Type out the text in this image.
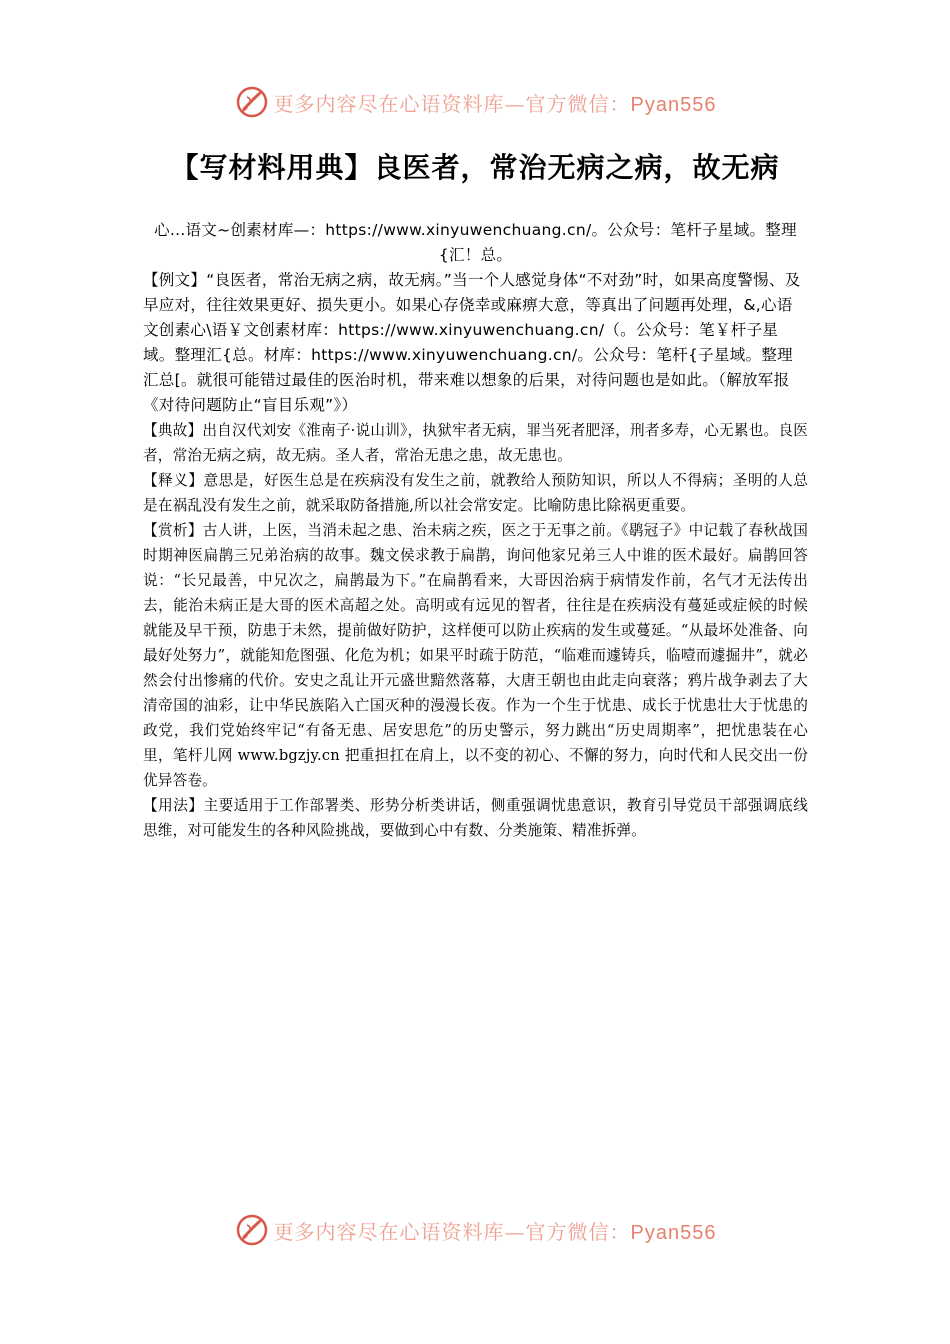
更多内容尽在心语资料库—官方微信：Pyan556
【写材料用典】良医者，常治无病之病，故无病

心...语文~创素材库—：https://www.xinyuwenchuang.cn/。公众号：笔杆子星域。整理{汇！总。

【例文】“良医者，常治无病之病，故无病。”当一个人感觉身体“不对劲”时，如果高度警惕、及早应对，往往效果更好、损失更小。如果心存侥幸或麻痹大意，等真出了问题再处理，&,心语文创素心\语￥文创素材库：https://www.xinyuwenchuang.cn/（。公众号：笔￥杆子星域。整理汇{总。材库：https://www.xinyuwenchuang.cn/。公众号：笔杆{子星域。整理汇总[。就很可能错过最佳的医治时机，带来难以想象的后果，对待问题也是如此。（解放军报《对待问题防止“盲目乐观”》）

【典故】出自汉代刘安《淮南子·说山训》，执狱牢者无病，罪当死者肥泽，刑者多寿，心无累也。良医者，常治无病之病，故无病。圣人者，常治无患之患，故无患也。

【释义】意思是，好医生总是在疾病没有发生之前，就教给人预防知识，所以人不得病；圣明的人总是在祸乱没有发生之前，就采取防备措施,所以社会常安定。比喻防患比除祸更重要。

【赏析】古人讲，上医，当消未起之患、治未病之疾，医之于无事之前。《鹖冠子》中记载了春秋战国时期神医扁鹊三兄弟治病的故事。魏文侯求教于扁鹊，询问他家兄弟三人中谁的医术最好。扁鹊回答说：“长兄最善，中兄次之，扁鹊最为下。”在扁鹊看来，大哥因治病于病情发作前，名气才无法传出去，能治未病正是大哥的医术高超之处。高明或有远见的智者，往往是在疾病没有蔓延或症候的时候就能及早干预，防患于未然，提前做好防护，这样便可以防止疾病的发生或蔓延。“从最坏处准备、向最好处努力”，就能知危图强、化危为机；如果平时疏于防范，“临难而遽铸兵，临噎而遽掘井”，就必然会付出惨痛的代价。安史之乱让开元盛世黯然落幕，大唐王朝也由此走向衰落；鸦片战争剥去了大清帝国的油彩，让中华民族陷入亡国灭种的漫漫长夜。作为一个生于忧患、成长于忧患壮大于忧患的政党，我们党始终牢记“有备无患、居安思危”的历史警示，努力跳出“历史周期率”，把忧患装在心里，笔杆儿网 www.bgzjy.cn 把重担扛在肩上，以不变的初心、不懈的努力，向时代和人民交出一份优异答卷。

【用法】主要适用于工作部署类、形势分析类讲话，侧重强调忧患意识，教育引导党员干部强调底线思维，对可能发生的各种风险挑战，要做到心中有数、分类施策、精准拆弹。

更多内容尽在心语资料库—官方微信：Pyan556
